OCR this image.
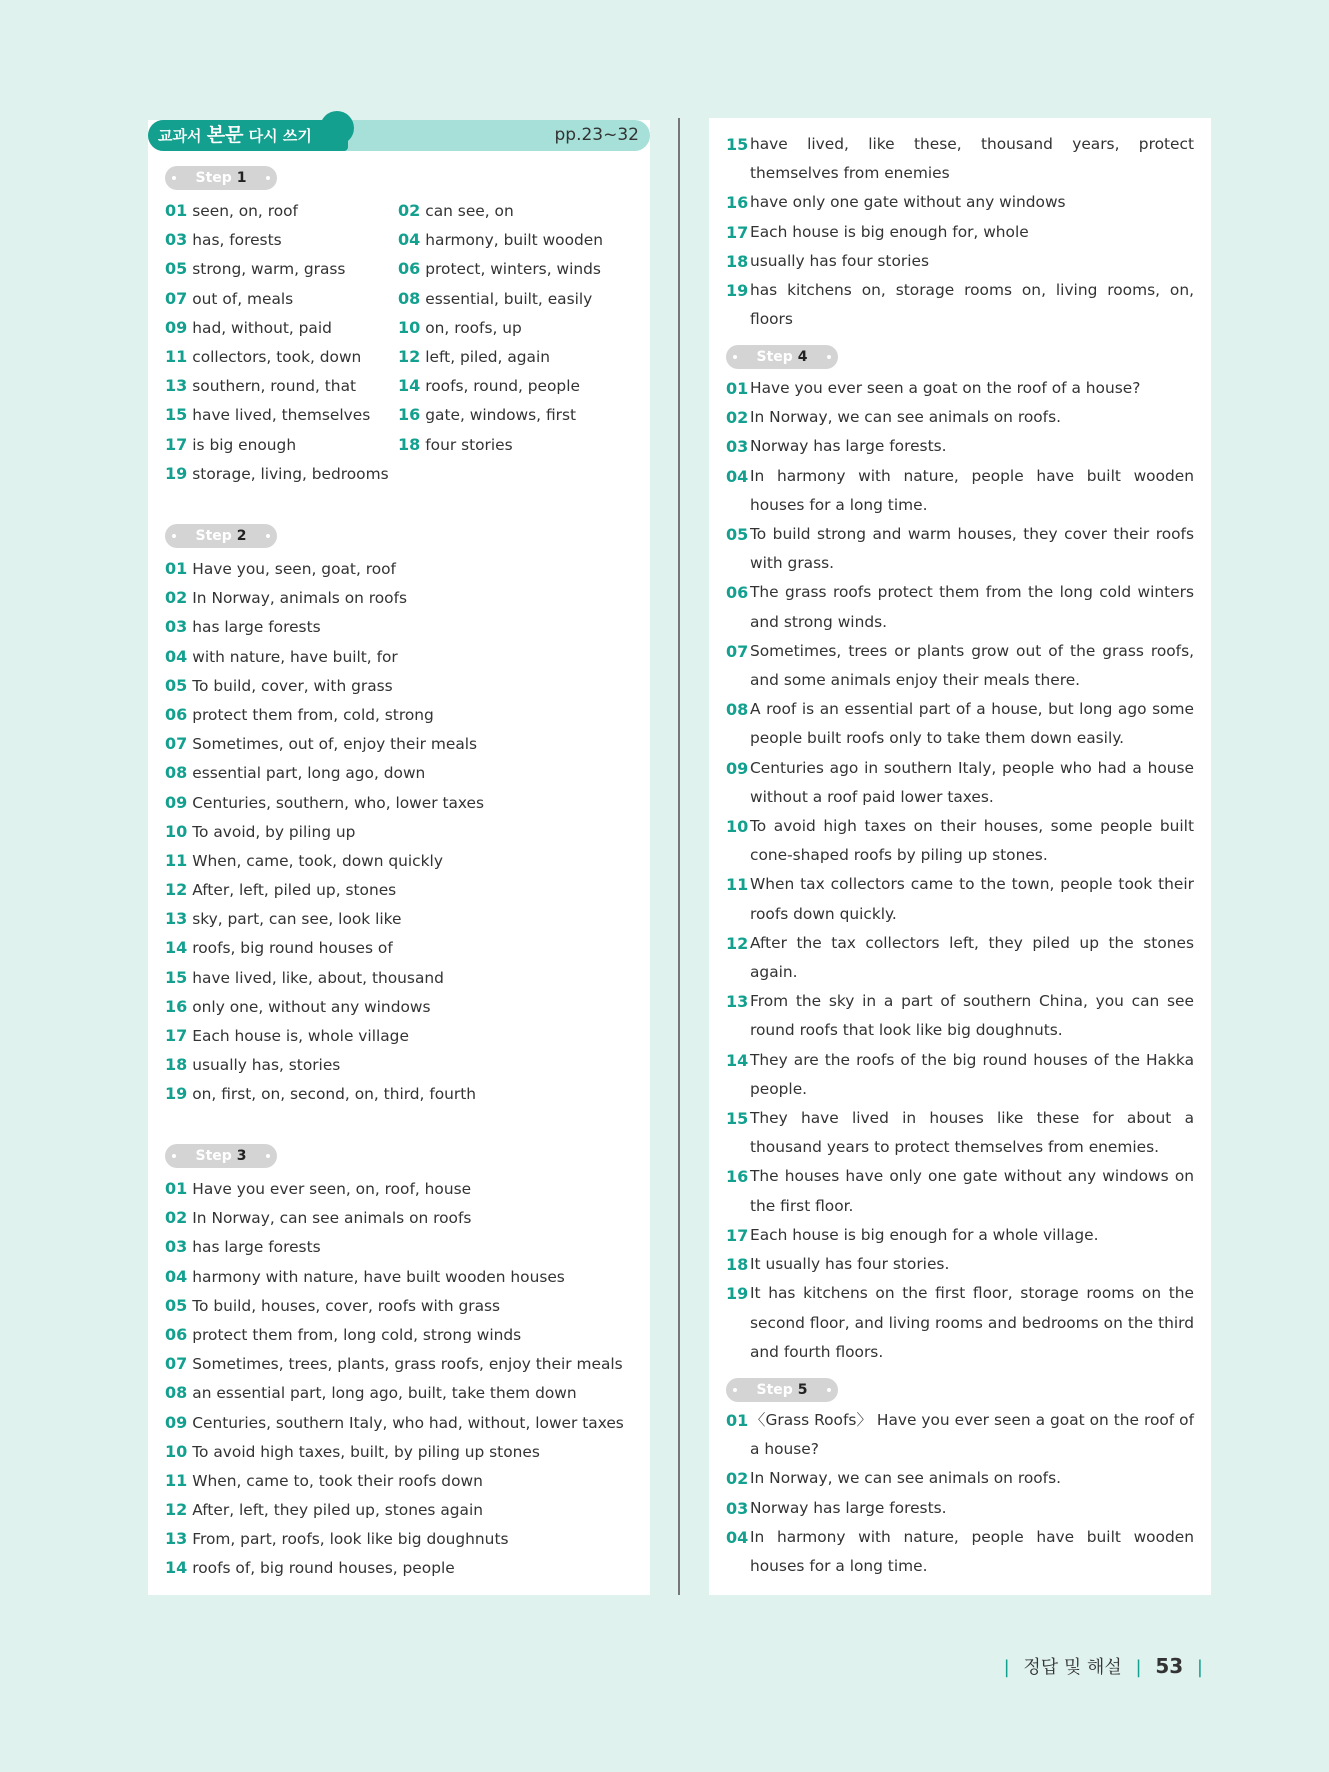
교과서 본문 다시 쓰기	pp.23~32
Step 1
01 seen, on, roof
03 has, forests
05 strong, warm, grass
07 out of, meals
09 had, without, paid
11 collectors, took, down
13 southern, round, that
15 have lived, themselves
17 is big enough
19 storage, living, bedrooms
02 can see, on
04 harmony, built wooden
06 protect, winters, winds
08 essential, built, easily
10 on, roofs, up
12 left, piled, again
14 roofs, round, people
16 gate, windows, first
18 four stories
Step 2
01 Have you, seen, goat, roof
02 In Norway, animals on roofs
03 has large forests
04 with nature, have built, for
05 To build, cover, with grass
06 protect them from, cold, strong
07 Sometimes, out of, enjoy their meals
08 essential part, long ago, down
09 Centuries, southern, who, lower taxes
10 To avoid, by piling up
11 When, came, took, down quickly
12 After, left, piled up, stones
13 sky, part, can see, look like
14 roofs, big round houses of
15 have lived, like, about, thousand
16 only one, without any windows
17 Each house is, whole village
18 usually has, stories
19 on, first, on, second, on, third, fourth
Step 3
01 Have you ever seen, on, roof, house
02 In Norway, can see animals on roofs
03 has large forests
04 harmony with nature, have built wooden houses
05 To build, houses, cover, roofs with grass
06 protect them from, long cold, strong winds
07 Sometimes, trees, plants, grass roofs, enjoy their meals
08 an essential part, long ago, built, take them down
09 Centuries, southern Italy, who had, without, lower taxes
10 To avoid high taxes, built, by piling up stones
11 When, came to, took their roofs down
12 After, left, they piled up, stones again
13 From, part, roofs, look like big doughnuts
14 roofs of, big round houses, people
15 have lived, like these, thousand years, protect themselves from enemies
16 have only one gate without any windows
17 Each house is big enough for, whole
18 usually has four stories
19 has kitchens on, storage rooms on, living rooms, on, floors
Step 4
01 Have you ever seen a goat on the roof of a house?
02 In Norway, we can see animals on roofs.
03 Norway has large forests.
04 In harmony with nature, people have built wooden houses for a long time.
05 To build strong and warm houses, they cover their roofs with grass.
06 The grass roofs protect them from the long cold winters and strong winds.
07 Sometimes, trees or plants grow out of the grass roofs, and some animals enjoy their meals there.
08 A roof is an essential part of a house, but long ago some people built roofs only to take them down easily.
09 Centuries ago in southern Italy, people who had a house without a roof paid lower taxes.
10 To avoid high taxes on their houses, some people built cone-shaped roofs by piling up stones.
11 When tax collectors came to the town, people took their roofs down quickly.
12 After the tax collectors left, they piled up the stones again.
13 From the sky in a part of southern China, you can see round roofs that look like big doughnuts.
14 They are the roofs of the big round houses of the Hakka people.
15 They have lived in houses like these for about a thousand years to protect themselves from enemies.
16 The houses have only one gate without any windows on the first floor.
17 Each house is big enough for a whole village.
18 It usually has four stories.
19 It has kitchens on the first floor, storage rooms on the second floor, and living rooms and bedrooms on the third and fourth floors.
Step 5
01 〈Grass Roofs〉 Have you ever seen a goat on the roof of a house?
02 In Norway, we can see animals on roofs.
03 Norway has large forests.
04 In harmony with nature, people have built wooden houses for a long time.
| 정답 및 해설 | 53 |
